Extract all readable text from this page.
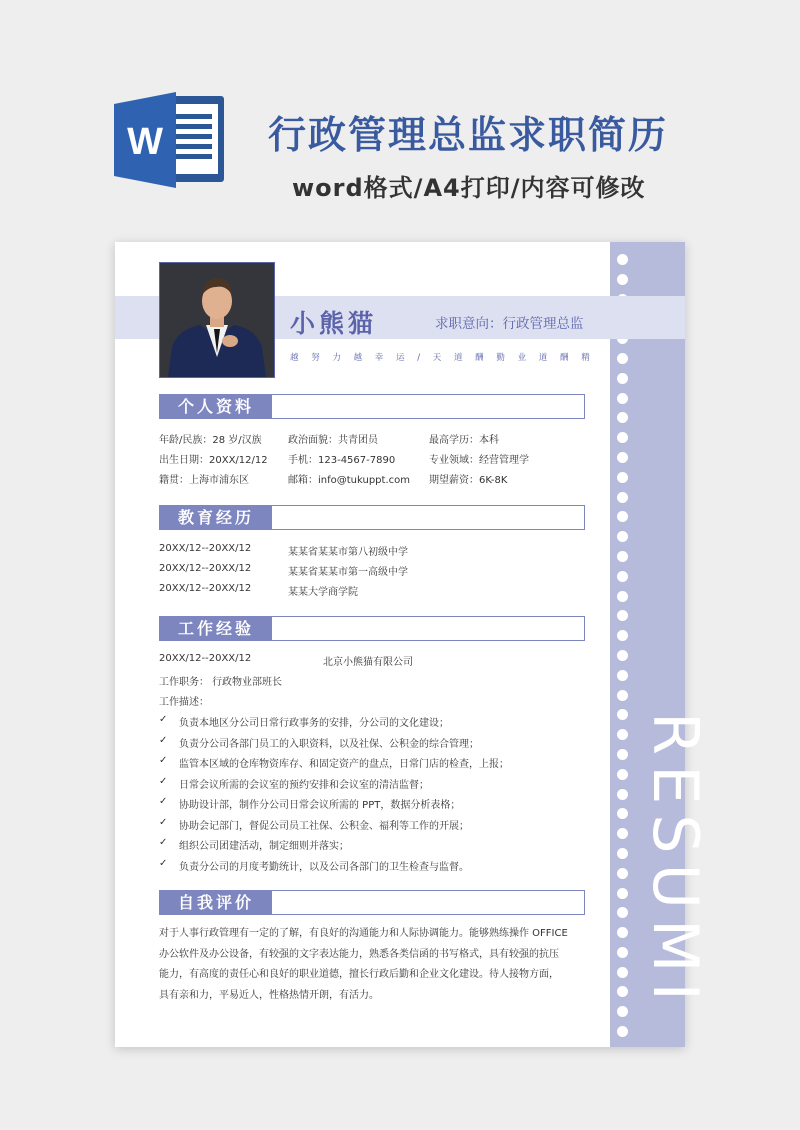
W	行政管理总监求职简历
word格式/A4打印/内容可修改
RESUMI
小熊猫	求职意向：行政管理总监
越 努 力 越 幸 运 / 天 道 酬 勤 业 道 酬 精
个人资料
年龄/民族：28 岁/汉族	政治面貌：共青团员	最高学历：本科
出生日期：20XX/12/12 手机：123-4567-7890	专业领域：经营管理学
籍贯：上海市浦东区	邮箱：info@tukuppt.com 期望薪资：6K-8K
教育经历
20XX/12--20XX/12	某某省某某市第八初级中学
20XX/12--20XX/12	某某省某某市第一高级中学
20XX/12--20XX/12	某某大学商学院
工作经验
20XX/12--20XX/12	北京小熊猫有限公司
工作职务： 行政物业部班长
工作描述：
✓ 负责本地区分公司日常行政事务的安排，分公司的文化建设；
✓ 负责分公司各部门员工的入职资料，以及社保、公积金的综合管理；
✓ 监管本区域的仓库物资库存、和固定资产的盘点，日常门店的检查，上报；
✓ 日常会议所需的会议室的预约安排和会议室的清洁监督；
✓ 协助设计部，制作分公司日常会议所需的 PPT，数据分析表格；
✓ 协助会记部门，督促公司员工社保、公积金、福利等工作的开展；
✓ 组织公司团建活动，制定细则并落实；
✓ 负责分公司的月度考勤统计，以及公司各部门的卫生检查与监督。
自我评价
对于人事行政管理有一定的了解，有良好的沟通能力和人际协调能力。能够熟练操作 OFFICE
办公软件及办公设备，有较强的文字表达能力，熟悉各类信函的书写格式，具有较强的抗压
能力，有高度的责任心和良好的职业道德，擅长行政后勤和企业文化建设。待人接物方面，
具有亲和力，平易近人，性格热情开朗，有活力。
